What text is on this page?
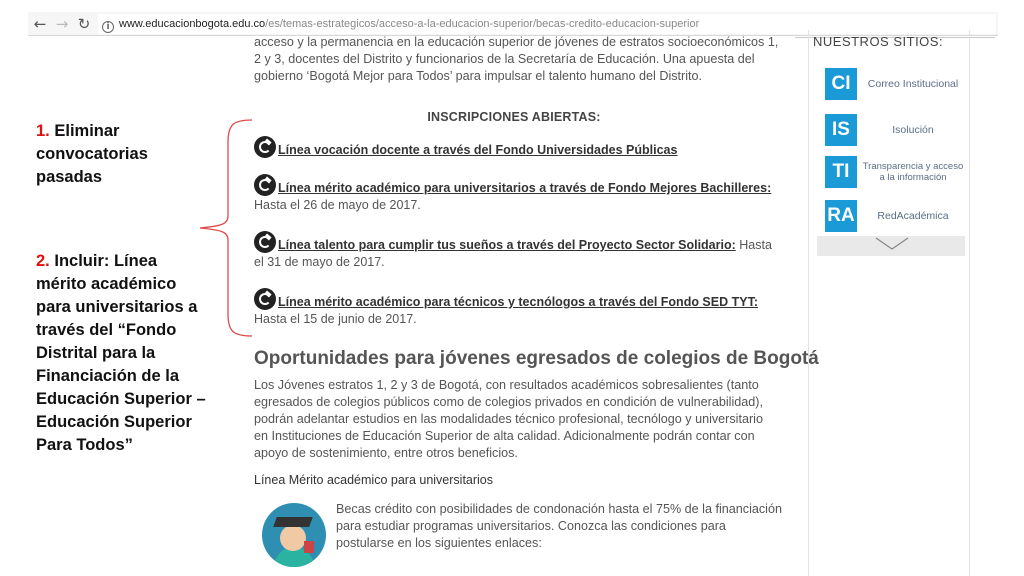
← → ↻	i www.educacionbogota.edu.co/es/temas-estrategicos/acceso-a-la-educacion-superior/becas-credito-educacion-superior
1. Eliminar convocatorias pasadas
2. Incluir: Línea mérito académico para universitarios a través del “Fondo Distrital para la Financiación de la Educación Superior – Educación Superior Para Todos”

acceso y la permanencia en la educación superior de jóvenes de estratos socioeconómicos 1, 2 y 3, docentes del Distrito y funcionarios de la Secretaría de Educación. Una apuesta del gobierno ‘Bogotá Mejor para Todos’ para impulsar el talento humano del Distrito.

INSCRIPCIONES ABIERTAS:
Línea vocación docente a través del Fondo Universidades Públicas
Línea mérito académico para universitarios a través de Fondo Mejores Bachilleres: Hasta el 26 de mayo de 2017.
Línea talento para cumplir tus sueños a través del Proyecto Sector Solidario: Hasta el 31 de mayo de 2017.
Línea mérito académico para técnicos y tecnólogos a través del Fondo SED TYT: Hasta el 15 de junio de 2017.
Oportunidades para jóvenes egresados de colegios de Bogotá

Los Jóvenes estratos 1, 2 y 3 de Bogotá, con resultados académicos sobresalientes (tanto egresados de colegios públicos como de colegios privados en condición de vulnerabilidad), podrán adelantar estudios en las modalidades técnico profesional, tecnólogo y universitario en Instituciones de Educación Superior de alta calidad. Adicionalmente podrán contar con apoyo de sostenimiento, entre otros beneficios.

Línea Mérito académico para universitarios

Becas crédito con posibilidades de condonación hasta el 75% de la financiación para estudiar programas universitarios. Conozca las condiciones para postularse en los siguientes enlaces:

NUESTROS SITIOS:
CI	Correo Institucional
IS	Isolución
TI	Transparencia y acceso a la información
RA	RedAcadémica
